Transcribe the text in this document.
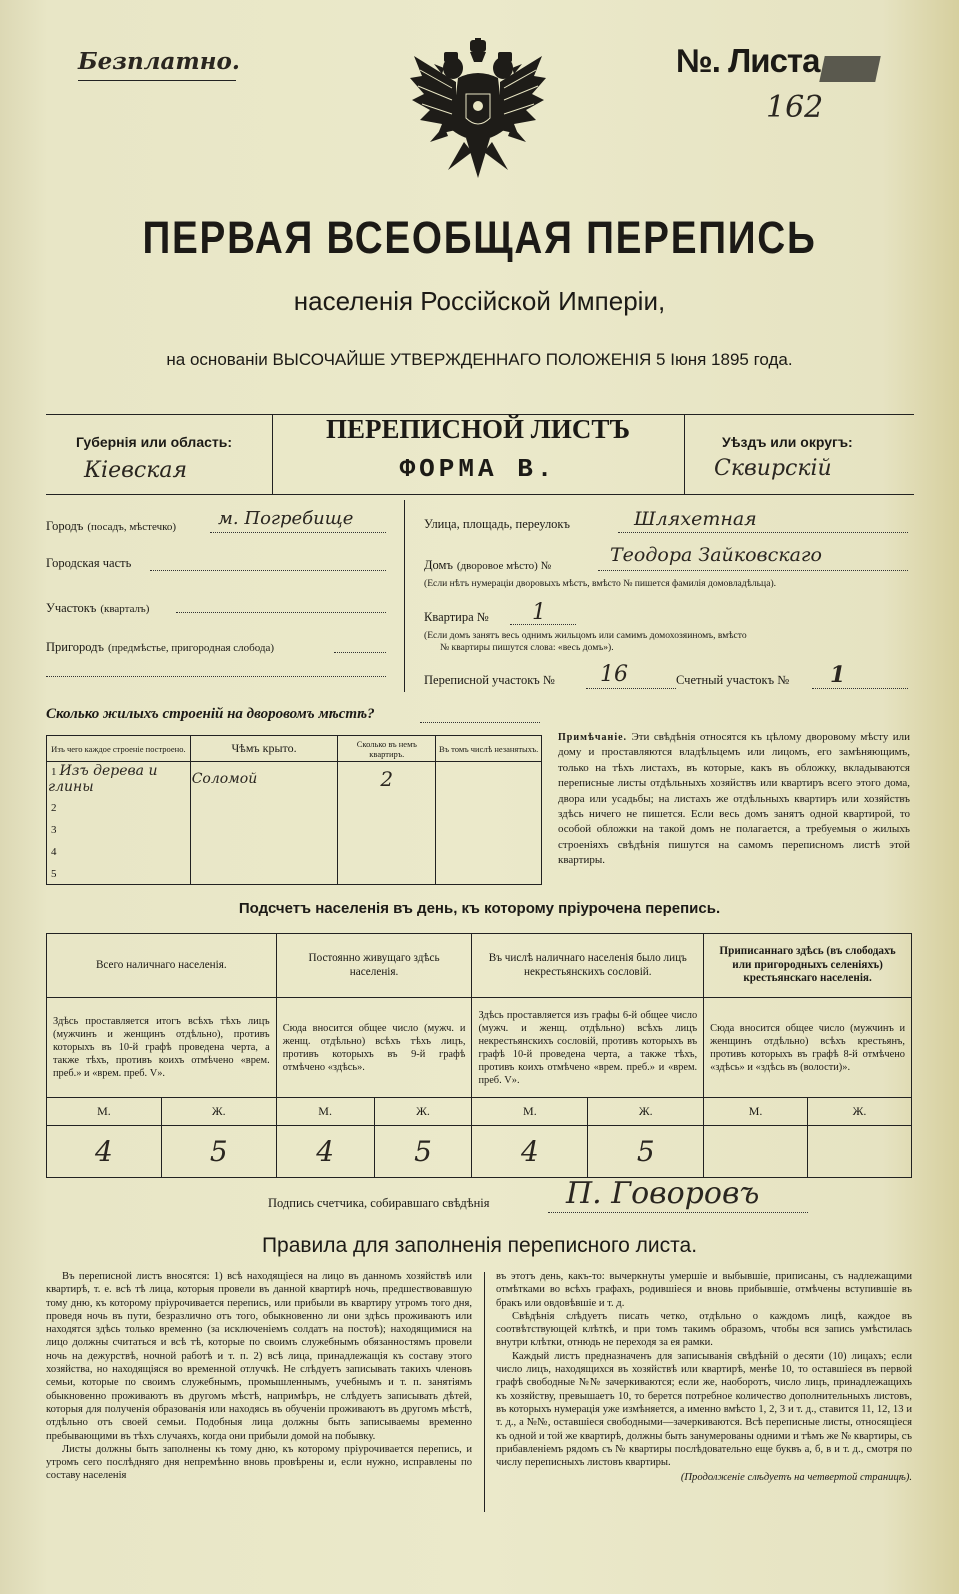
Безплатно.	№. Листа
162
ПЕРВАЯ ВСЕОБЩАЯ ПЕРЕПИСЬ
населенія Россійской Имперіи,
на основаніи ВЫСОЧАЙШЕ УТВЕРЖДЕННАГО ПОЛОЖЕНІЯ 5 Іюня 1895 года.
Губернія или область:
Кіевская
ПЕРЕПИСНОЙ ЛИСТЪ
ФОРМА В.
Уѣздъ или округъ:
Сквирскій
Городъ (посадъ, мѣстечко) м. Погребище
Городская часть
Участокъ (кварталъ)
Пригородъ (предмѣстье, пригородная слобода)
Улица, площадь, переулокъ	Шляхетная
Домъ (дворовое мѣсто) №	Теодора Зайковскаго
(Если нѣтъ нумераціи дворовыхъ мѣстъ, вмѣсто № пишется фамилія домовладѣльца).
Квартира № 1
(Если домъ занятъ весь однимъ жильцомъ или самимъ домохозяиномъ, вмѣсто
№ квартиры пишутся слова: «весь домъ»).
Переписной участокъ № 16	Счетный участокъ № 1
Сколько жилыхъ строеній на дворовомъ мѣстѣ?
Изъ чего каждое строеніе построено.	Чѣмъ крыто.	Сколько въ немъ квартиръ.	Въ томъ числѣ незанятыхъ.
1 Изъ дерева и глины	Соломой	2	
2			
3			
4			
5			

Примѣчаніе. Эти свѣдѣнія относятся къ цѣлому дворовому мѣсту или дому и проставляются владѣльцемъ или лицомъ, его замѣняющимъ, только на тѣхъ листахъ, въ которые, какъ въ обложку, вкладываются переписные листы отдѣльныхъ хозяйствъ или квартиръ всего этого дома, двора или усадьбы; на листахъ же отдѣльныхъ квартиръ или хозяйствъ здѣсь ничего не пишется. Если весь домъ занятъ одной квартирой, то особой обложки на такой домъ не полагается, а требуемыя о жилыхъ строеніяхъ свѣдѣнія пишутся на самомъ переписномъ листѣ этой квартиры.

Подсчетъ населенія въ день, къ которому пріурочена перепись.
Всего наличнаго населенія.		Постоянно живущаго здѣсь населенія.		Въ числѣ наличнаго населенія было лицъ некрестьянскихъ сословій.		Приписаннаго здѣсь (въ слободахъ или пригородныхъ селеніяхъ) крестьянскаго населенія.	
Здѣсь проставляется итогъ всѣхъ тѣхъ лицъ (мужчинъ и женщинъ отдѣльно), противъ которыхъ въ 10-й графѣ проведена черта, а также тѣхъ, противъ коихъ отмѣчено «врем. преб.» и «врем. преб. V».		Сюда вносится общее число (мужч. и женщ. отдѣльно) всѣхъ тѣхъ лицъ, противъ которыхъ въ 9-й графѣ отмѣчено «здѣсь».		Здѣсь проставляется изъ графы 6-й общее число (мужч. и женщ. отдѣльно) всѣхъ лицъ некрестьянскихъ сословій, противъ которыхъ въ графѣ 10-й проведена черта, а также тѣхъ, противъ коихъ отмѣчено «врем. преб.» и «врем. преб. V».		Сюда вносится общее число (мужчинъ и женщинъ отдѣльно) всѣхъ крестьянъ, противъ которыхъ въ графѣ 8-й отмѣчено «здѣсь» и «здѣсь въ (волости)».	
М.	Ж.	М.	Ж.	М.	Ж.	М.	Ж.
4	5	4	5	4	5		
Подпись счетчика, собиравшаго свѣдѣнія	П. Говоровъ
Правила для заполненія переписного листа.

Въ переписной листъ вносятся: 1) всѣ находящіеся на лицо въ данномъ хозяйствѣ или квартирѣ, т. е. всѣ тѣ лица, которыя провели въ данной квартирѣ ночь, предшествовавшую тому дню, къ которому пріурочивается перепись, или прибыли въ квартиру утромъ того дня, проведя ночь въ пути, безразлично отъ того, обыкновенно ли они здѣсь проживаютъ или находятся здѣсь только временно (за исключеніемъ солдатъ на постоѣ); находящимися на лицо должны считаться и всѣ тѣ, которые по своимъ служебнымъ обязанностямъ провели ночь на дежурствѣ, ночной работѣ и т. п. 2) всѣ лица, принадлежащія къ составу этого хозяйства, но находящіяся во временной отлучкѣ. Не слѣдуетъ записывать такихъ членовъ семьи, которые по своимъ служебнымъ, промышленнымъ, учебнымъ и т. п. занятіямъ обыкновенно проживаютъ въ другомъ мѣстѣ, напримѣръ, не слѣдуетъ записывать дѣтей, которыя для полученія образованія или находясь въ обученіи проживаютъ въ другомъ мѣстѣ, отдѣльно отъ своей семьи. Подобныя лица должны быть записываемы временно пребывающими въ тѣхъ случаяхъ, когда они прибыли домой на побывку.

Листы должны быть заполнены къ тому дню, къ которому пріурочивается перепись, и утромъ сего послѣдняго дня непремѣнно вновь провѣрены и, если нужно, исправлены по составу населенія

въ этотъ день, какъ-то: вычеркнуты умершіе и выбывшіе, приписаны, съ надлежащими отмѣтками во всѣхъ графахъ, родившіеся и вновь прибывшіе, отмѣчены вступившіе въ бракъ или овдовѣвшіе и т. д.

Свѣдѣнія слѣдуетъ писать четко, отдѣльно о каждомъ лицѣ, каждое въ соотвѣтствующей клѣткѣ, и при томъ такимъ образомъ, чтобы вся запись умѣстилась внутри клѣтки, отнюдь не переходя за ея рамки.

Каждый листъ предназначенъ для записыванія свѣдѣній о десяти (10) лицахъ; если число лицъ, находящихся въ хозяйствѣ или квартирѣ, менѣе 10, то оставшіеся въ первой графѣ свободные №№ зачеркиваются; если же, наоборотъ, число лицъ, принадлежащихъ къ хозяйству, превышаетъ 10, то берется потребное количество дополнительныхъ листовъ, въ которыхъ нумерація уже измѣняется, а именно вмѣсто 1, 2, 3 и т. д., ставится 11, 12, 13 и т. д., а №№, оставшіеся свободными—зачеркиваются. Всѣ переписные листы, относящіеся къ одной и той же квартирѣ, должны быть занумерованы одними и тѣмъ же № квартиры, съ прибавленіемъ рядомъ съ № квартиры послѣдовательно еще буквъ а, б, в и т. д., смотря по числу переписныхъ листовъ квартиры.

(Продолженіе слѣдуетъ на четвертой страницѣ).
